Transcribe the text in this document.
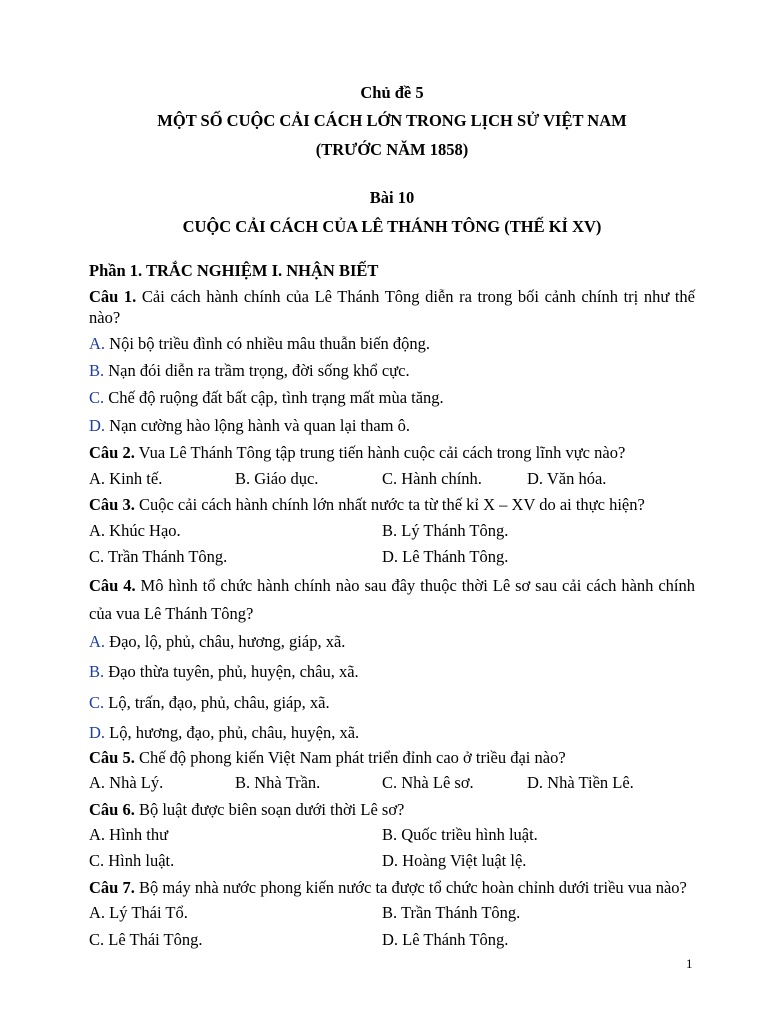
Chủ đề 5
MỘT SỐ CUỘC CẢI CÁCH LỚN TRONG LỊCH SỬ VIỆT NAM
(TRƯỚC NĂM 1858)
Bài 10
CUỘC CẢI CÁCH CỦA LÊ THÁNH TÔNG (THẾ KỈ XV)
Phần 1. TRẮC NGHIỆM I. NHẬN BIẾT
Câu 1. Cải cách hành chính của Lê Thánh Tông diễn ra trong bối cảnh chính trị như thế nào?
A. Nội bộ triều đình có nhiều mâu thuẫn biến động.
B. Nạn đói diễn ra trầm trọng, đời sống khổ cực.
C. Chế độ ruộng đất bất cập, tình trạng mất mùa tăng.
D. Nạn cường hào lộng hành và quan lại tham ô.
Câu 2. Vua Lê Thánh Tông tập trung tiến hành cuộc cải cách trong lĩnh vực nào?
A. Kinh tế.	B. Giáo dục.	C. Hành chính.	D. Văn hóa.
Câu 3. Cuộc cải cách hành chính lớn nhất nước ta từ thế kỉ X – XV do ai thực hiện?
A. Khúc Hạo.	B. Lý Thánh Tông.
C. Trần Thánh Tông.	D. Lê Thánh Tông.
Câu 4. Mô hình tổ chức hành chính nào sau đây thuộc thời Lê sơ sau cải cách hành chính của vua Lê Thánh Tông?
A. Đạo, lộ, phủ, châu, hương, giáp, xã.
B. Đạo thừa tuyên, phủ, huyện, châu, xã.
C. Lộ, trấn, đạo, phủ, châu, giáp, xã.
D. Lộ, hương, đạo, phủ, châu, huyện, xã.
Câu 5. Chế độ phong kiến Việt Nam phát triển đỉnh cao ở triều đại nào?
A. Nhà Lý.	B. Nhà Trần.	C. Nhà Lê sơ.	D. Nhà Tiền Lê.
Câu 6. Bộ luật được biên soạn dưới thời Lê sơ?
A. Hình thư	B. Quốc triều hình luật.
C. Hình luật.	D. Hoàng Việt luật lệ.
Câu 7. Bộ máy nhà nước phong kiến nước ta được tổ chức hoàn chỉnh dưới triều vua nào?
A. Lý Thái Tổ.	B. Trần Thánh Tông.
C. Lê Thái Tông.	D. Lê Thánh Tông.
1
